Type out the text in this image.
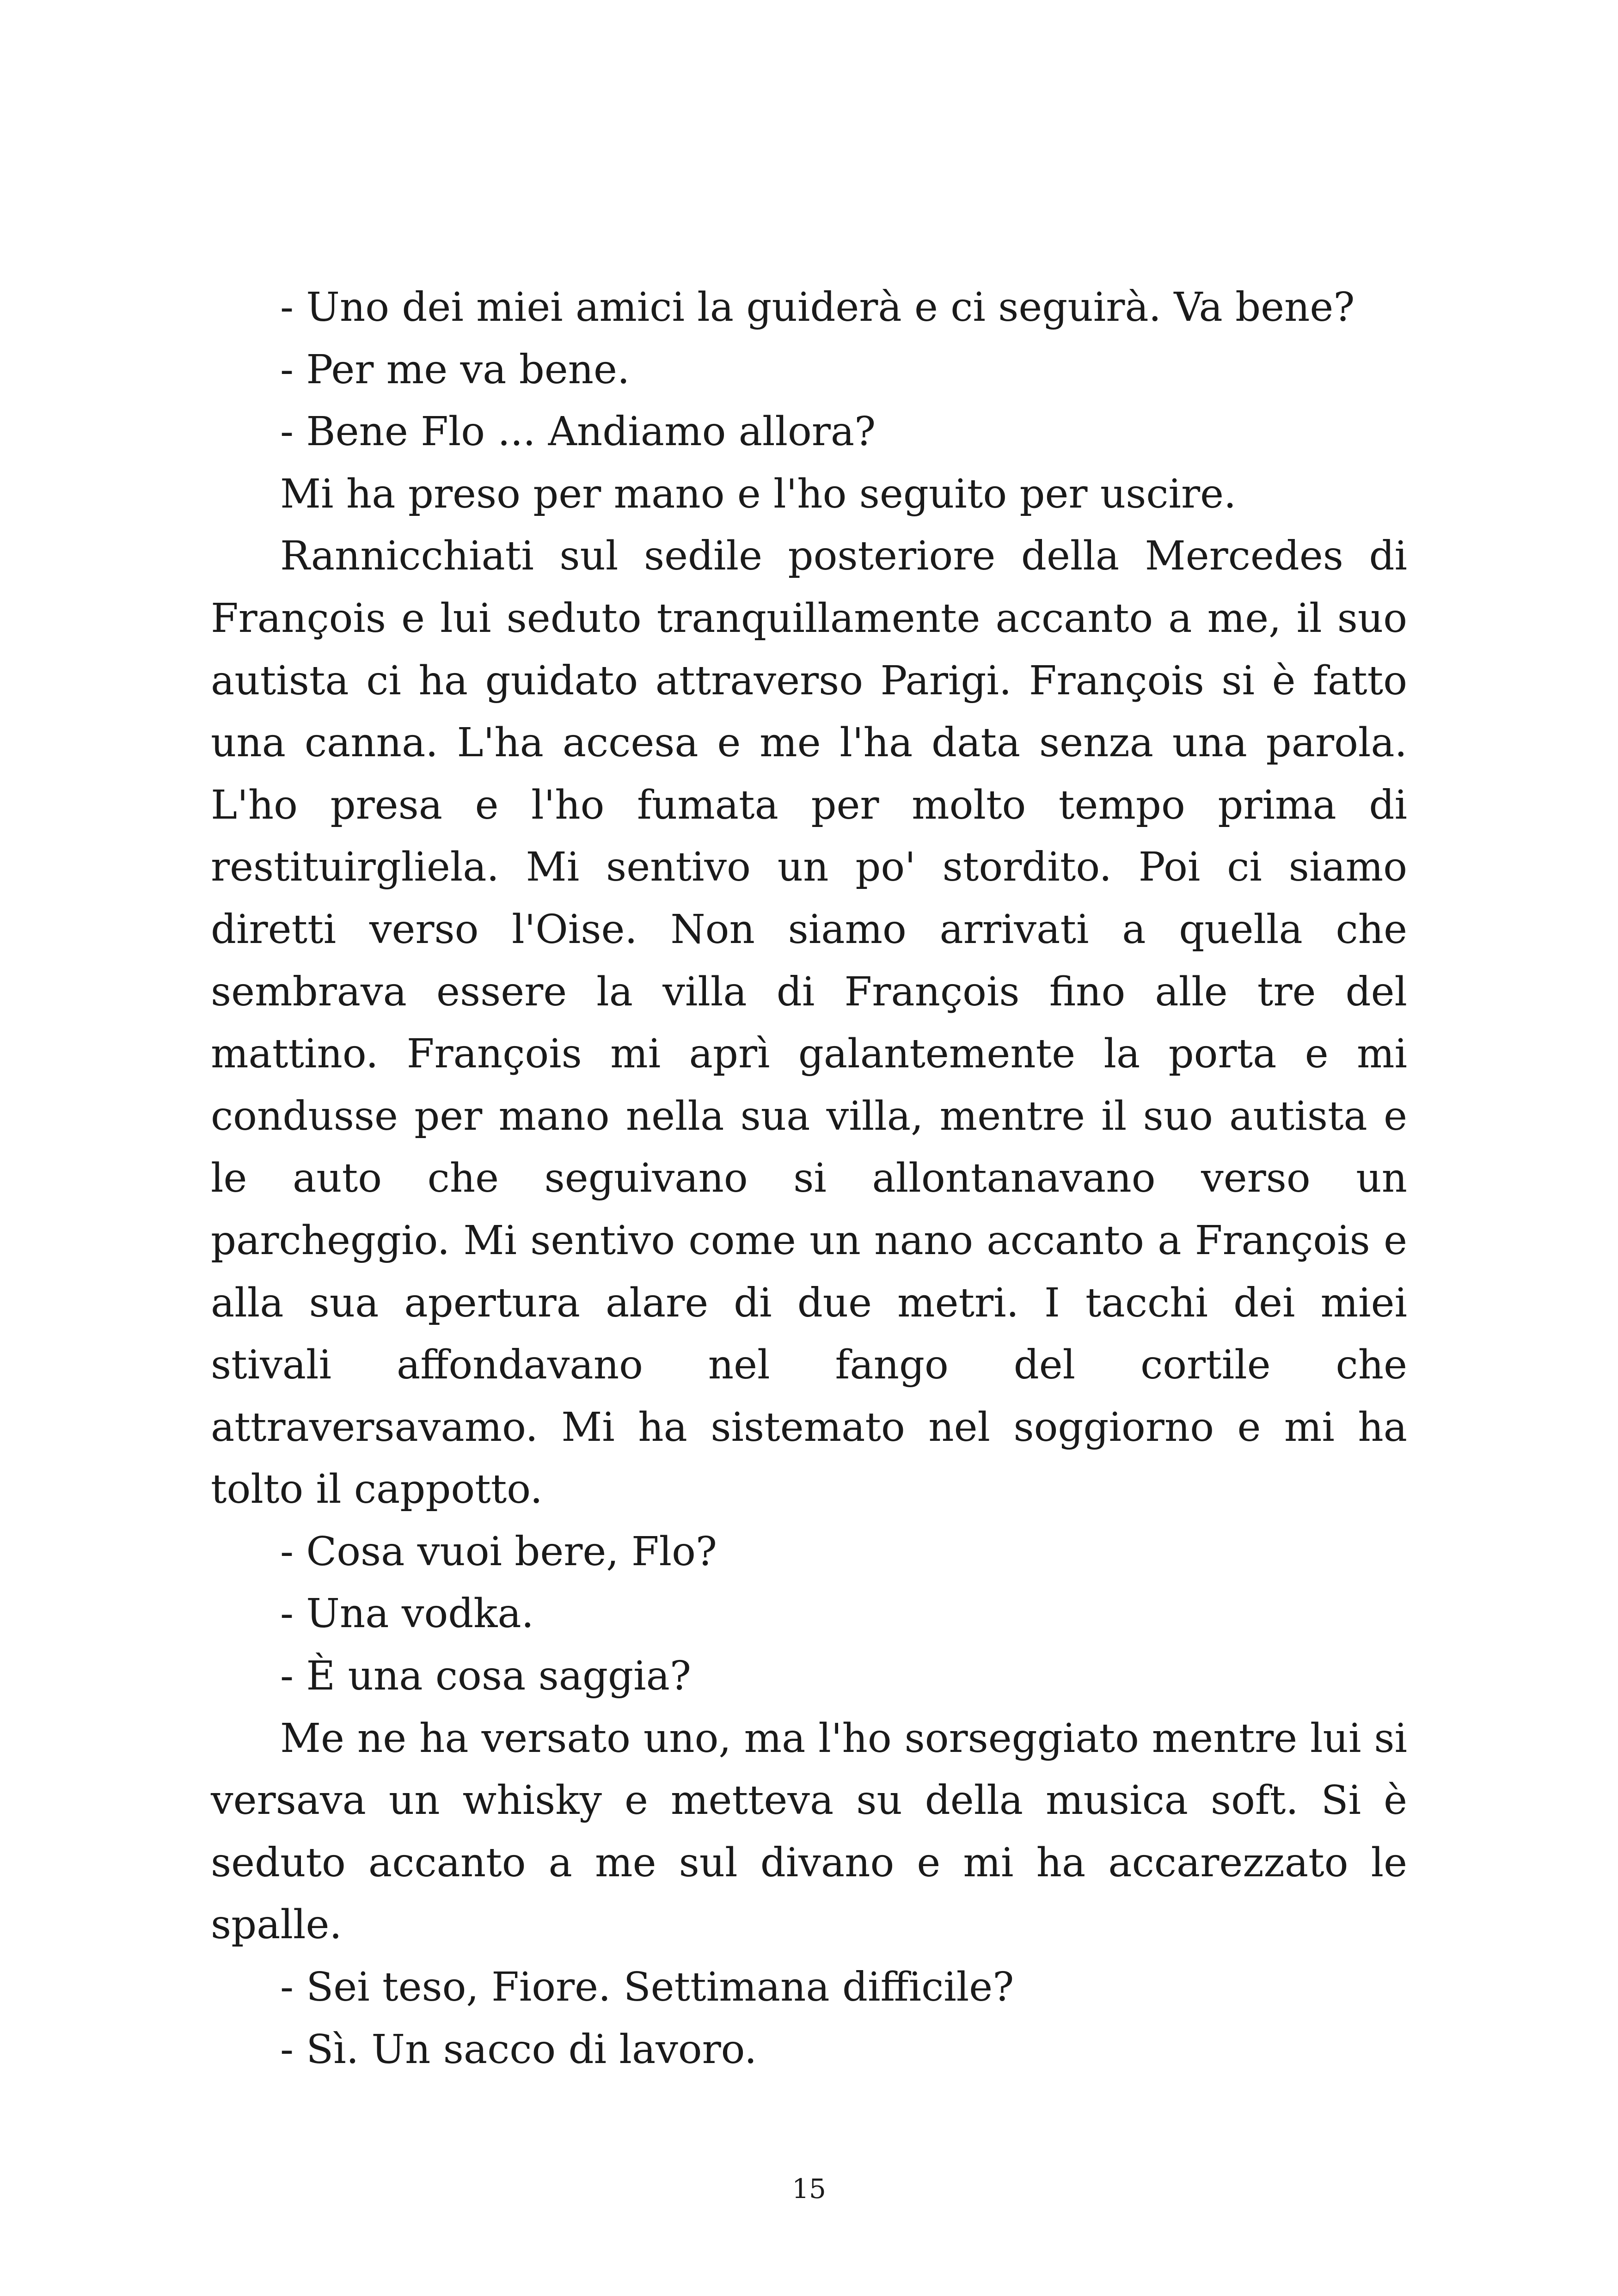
- Uno dei miei amici la guiderà e ci seguirà. Va bene?

- Per me va bene.

- Bene Flo ... Andiamo allora?

Mi ha preso per mano e l'ho seguito per uscire.

Rannicchiati sul sedile posteriore della Mercedes di François e lui seduto tranquillamente accanto a me, il suo autista ci ha guidato attraverso Parigi. François si è fatto una canna. L'ha accesa e me l'ha data senza una parola. L'ho presa e l'ho fumata per molto tempo prima di restituirgliela. Mi sentivo un po' stordito. Poi ci siamo diretti verso l'Oise. Non siamo arrivati a quella che sembrava essere la villa di François fino alle tre del mattino. François mi aprì galantemente la porta e mi condusse per mano nella sua villa, mentre il suo autista e le auto che seguivano si allontanavano verso un parcheggio. Mi sentivo come un nano accanto a François e alla sua apertura alare di due metri. I tacchi dei miei stivali affondavano nel fango del cortile che attraversavamo. Mi ha sistemato nel soggiorno e mi ha tolto il cappotto.

- Cosa vuoi bere, Flo?

- Una vodka.

- È una cosa saggia?

Me ne ha versato uno, ma l'ho sorseggiato mentre lui si versava un whisky e metteva su della musica soft. Si è seduto accanto a me sul divano e mi ha accarezzato le spalle.

- Sei teso, Fiore. Settimana difficile?

- Sì. Un sacco di lavoro.

15
